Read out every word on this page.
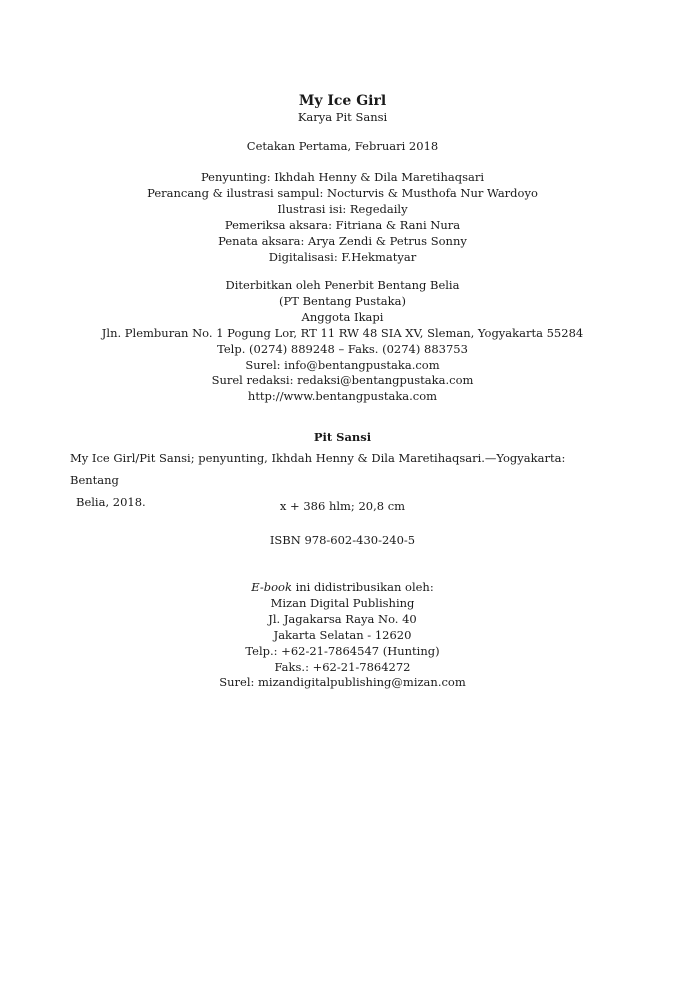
My Ice Girl
Karya Pit Sansi
Cetakan Pertama, Februari 2018
Penyunting: Ikhdah Henny & Dila Maretihaqsari
Perancang & ilustrasi sampul: Nocturvis & Musthofa Nur Wardoyo
Ilustrasi isi: Regedaily
Pemeriksa aksara: Fitriana & Rani Nura
Penata aksara: Arya Zendi & Petrus Sonny
Digitalisasi: F.Hekmatyar
Diterbitkan oleh Penerbit Bentang Belia
(PT Bentang Pustaka)
Anggota Ikapi
Jln. Plemburan No. 1 Pogung Lor, RT 11 RW 48 SIA XV, Sleman, Yogyakarta 55284
Telp. (0274) 889248 – Faks. (0274) 883753
Surel: info@bentangpustaka.com
Surel redaksi: redaksi@bentangpustaka.com
http://www.bentangpustaka.com
Pit Sansi
My Ice Girl/Pit Sansi; penyunting, Ikhdah Henny & Dila Maretihaqsari.—Yogyakarta: Bentang
Belia, 2018.	x + 386 hlm; 20,8 cm
ISBN 978-602-430-240-5
E-book ini didistribusikan oleh:
Mizan Digital Publishing
Jl. Jagakarsa Raya No. 40
Jakarta Selatan - 12620
Telp.: +62-21-7864547 (Hunting)
Faks.: +62-21-7864272
Surel: mizandigitalpublishing@mizan.com
